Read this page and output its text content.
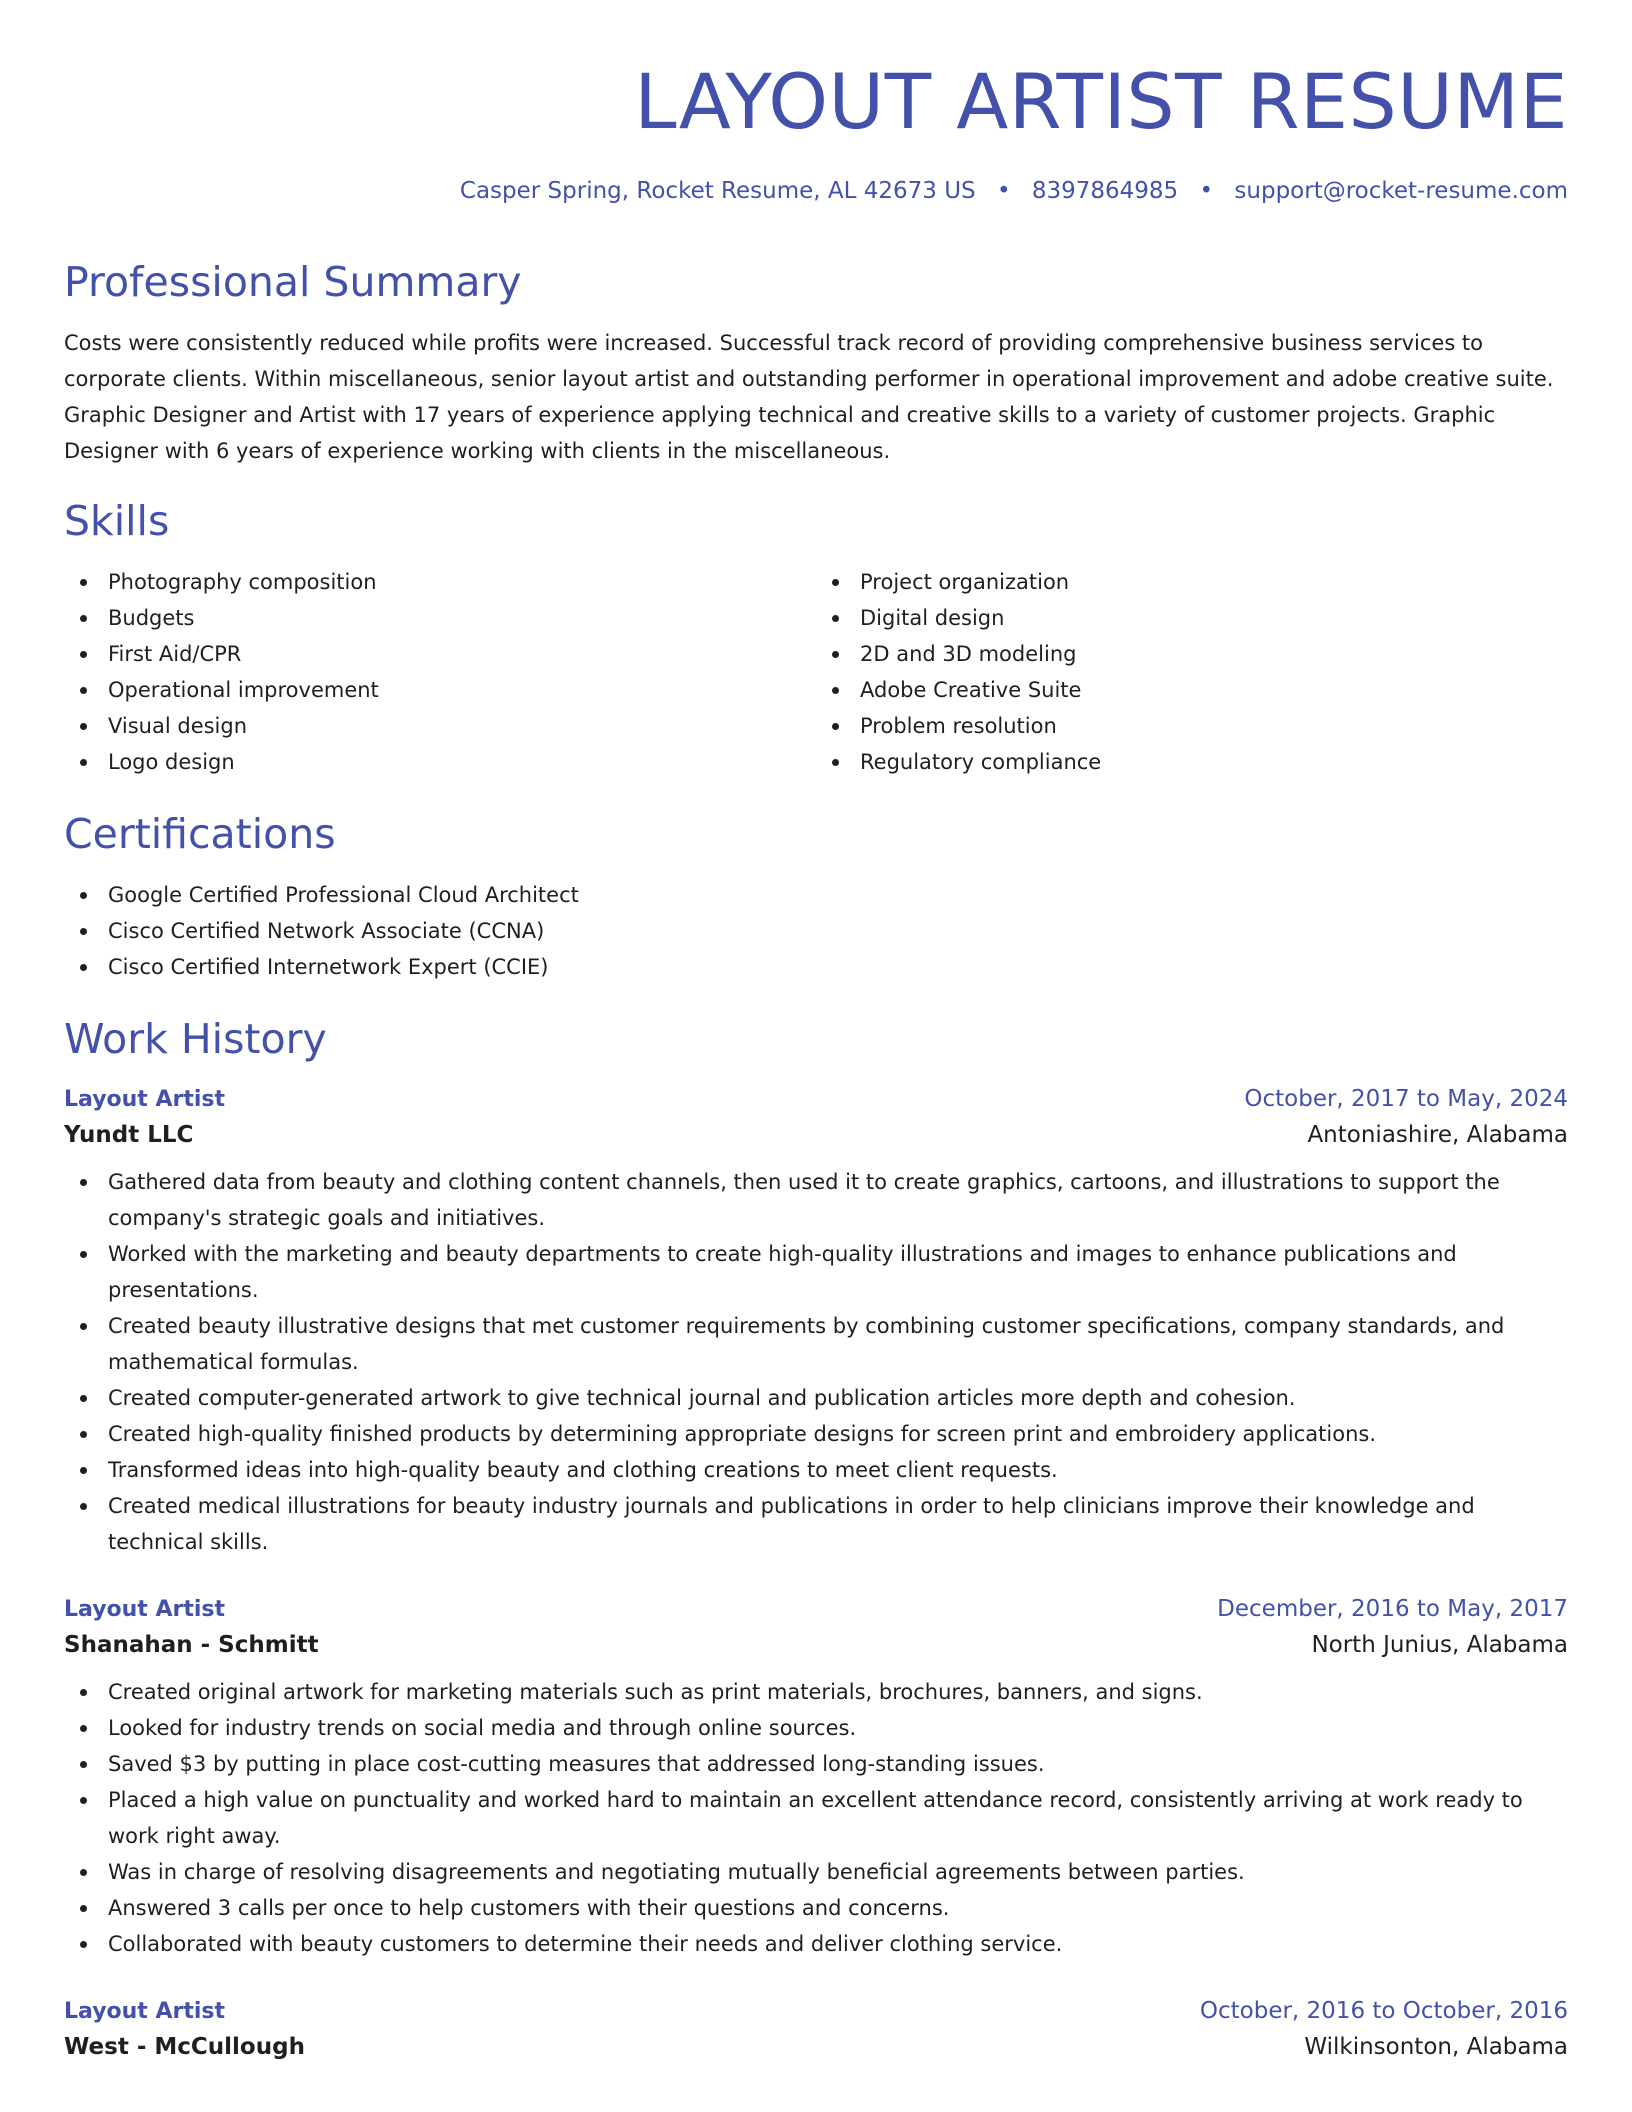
LAYOUT ARTIST RESUME
Casper Spring, Rocket Resume, AL 42673 US • 8397864985 • support@rocket-resume.com
Professional Summary

Costs were consistently reduced while profits were increased. Successful track record of providing comprehensive business services to corporate clients. Within miscellaneous, senior layout artist and outstanding performer in operational improvement and adobe creative suite. Graphic Designer and Artist with 17 years of experience applying technical and creative skills to a variety of customer projects. Graphic Designer with 6 years of experience working with clients in the miscellaneous.

Skills
Photography composition
Budgets
First Aid/CPR
Operational improvement
Visual design
Logo design
Project organization
Digital design
2D and 3D modeling
Adobe Creative Suite
Problem resolution
Regulatory compliance
Certifications
Google Certified Professional Cloud Architect
Cisco Certified Network Associate (CCNA)
Cisco Certified Internetwork Expert (CCIE)
Work History
Layout Artist	October, 2017 to May, 2024
Yundt LLC	Antoniashire, Alabama
Gathered data from beauty and clothing content channels, then used it to create graphics, cartoons, and illustrations to support the company's strategic goals and initiatives.
Worked with the marketing and beauty departments to create high-quality illustrations and images to enhance publications and presentations.
Created beauty illustrative designs that met customer requirements by combining customer specifications, company standards, and mathematical formulas.
Created computer-generated artwork to give technical journal and publication articles more depth and cohesion.
Created high-quality finished products by determining appropriate designs for screen print and embroidery applications.
Transformed ideas into high-quality beauty and clothing creations to meet client requests.
Created medical illustrations for beauty industry journals and publications in order to help clinicians improve their knowledge and technical skills.
Layout Artist	December, 2016 to May, 2017
Shanahan - Schmitt	North Junius, Alabama
Created original artwork for marketing materials such as print materials, brochures, banners, and signs.
Looked for industry trends on social media and through online sources.
Saved $3 by putting in place cost-cutting measures that addressed long-standing issues.
Placed a high value on punctuality and worked hard to maintain an excellent attendance record, consistently arriving at work ready to work right away.
Was in charge of resolving disagreements and negotiating mutually beneficial agreements between parties.
Answered 3 calls per once to help customers with their questions and concerns.
Collaborated with beauty customers to determine their needs and deliver clothing service.
Layout Artist	October, 2016 to October, 2016
West - McCullough	Wilkinsonton, Alabama
